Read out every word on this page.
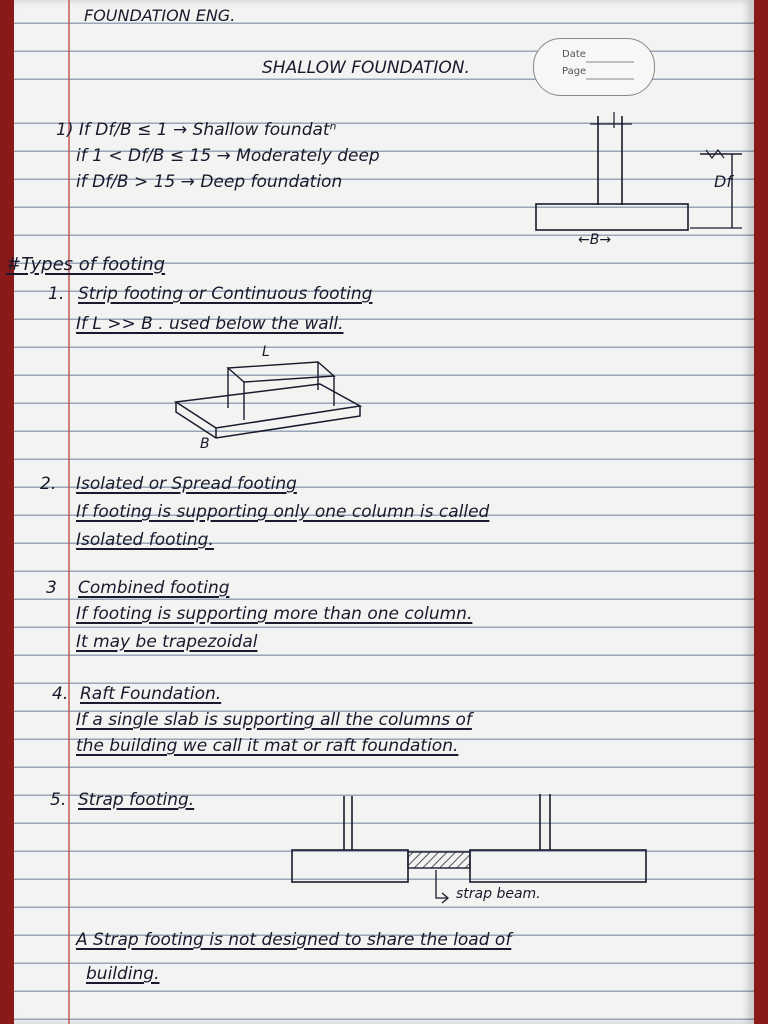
FOUNDATION ENG.
SHALLOW FOUNDATION.
Date
Page
1) If Df/B ≤ 1 → Shallow foundatⁿ
if 1 < Df/B ≤ 15 → Moderately deep
if Df/B > 15 → Deep foundation	Df
←B→
#Types of footing
1. Strip footing or Continuous footing
If L >> B . used below the wall.
L
B
2. Isolated or Spread footing
If footing is supporting only one column is called
Isolated footing.
3 Combined footing
If footing is supporting more than one column.
It may be trapezoidal
4. Raft Foundation.
If a single slab is supporting all the columns of
the building we call it mat or raft foundation.
5. Strap footing.
strap beam.
A Strap footing is not designed to share the load of
building.
